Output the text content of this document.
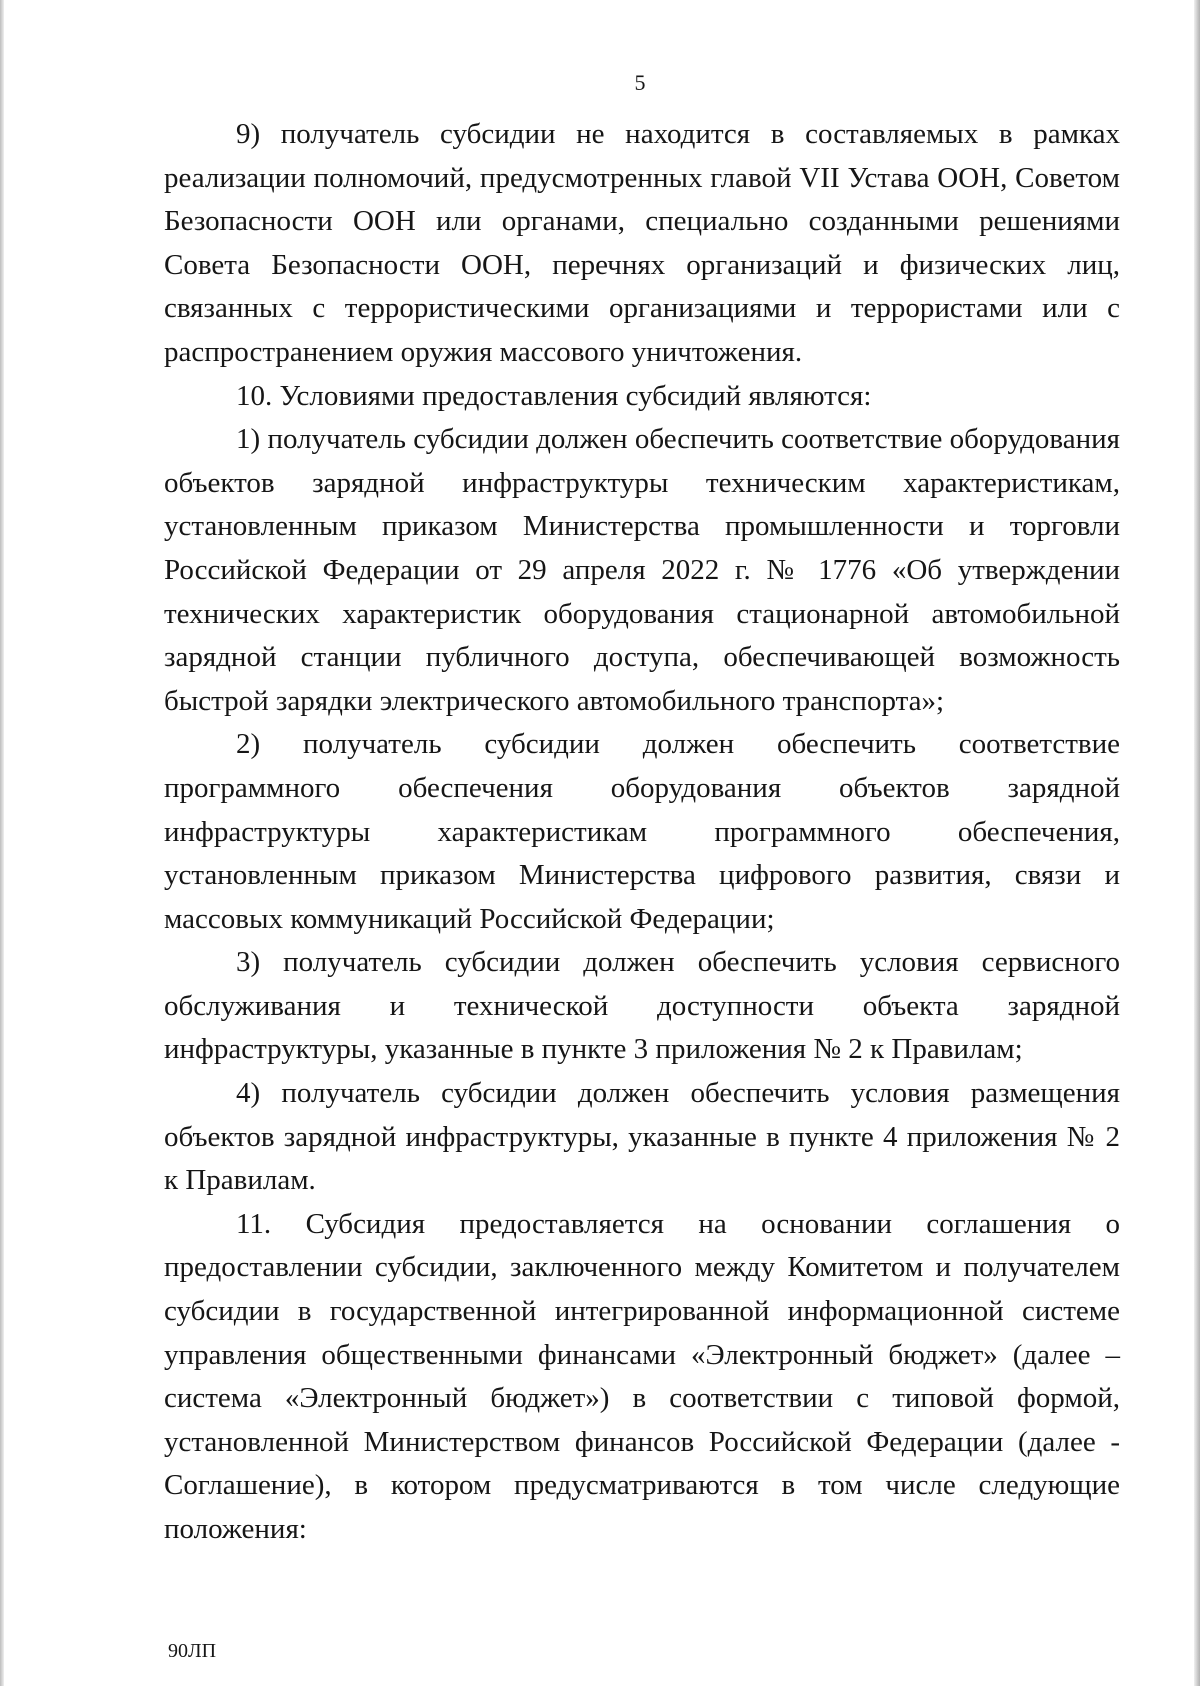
5

9) получатель субсидии не находится в составляемых в рамках реализации полномочий, предусмотренных главой VII Устава ООН, Советом Безопасности ООН или органами, специально созданными решениями Совета Безопасности ООН, перечнях организаций и физических лиц, связанных с террористическими организациями и террористами или с распространением оружия массового уничтожения.

10. Условиями предоставления субсидий являются:

1) получатель субсидии должен обеспечить соответствие оборудования объектов зарядной инфраструктуры техническим характеристикам, установленным приказом Министерства промышленности и торговли Российской Федерации от 29 апреля 2022 г. № 1776 «Об утверждении технических характеристик оборудования стационарной автомобильной зарядной станции публичного доступа, обеспечивающей возможность быстрой зарядки электрического автомобильного транспорта»;

2) получатель субсидии должен обеспечить соответствие программного обеспечения оборудования объектов зарядной инфраструктуры характеристикам программного обеспечения, установленным приказом Министерства цифрового развития, связи и массовых коммуникаций Российской Федерации;

3) получатель субсидии должен обеспечить условия сервисного обслуживания и технической доступности объекта зарядной инфраструктуры, указанные в пункте 3 приложения № 2 к Правилам;

4) получатель субсидии должен обеспечить условия размещения объектов зарядной инфраструктуры, указанные в пункте 4 приложения № 2 к Правилам.

11. Субсидия предоставляется на основании соглашения о предоставлении субсидии, заключенного между Комитетом и получателем субсидии в государственной интегрированной информационной системе управления общественными финансами «Электронный бюджет» (далее – система «Электронный бюджет») в соответствии с типовой формой, установленной Министерством финансов Российской Федерации (далее - Соглашение), в котором предусматриваются в том числе следующие положения:

90ЛП
